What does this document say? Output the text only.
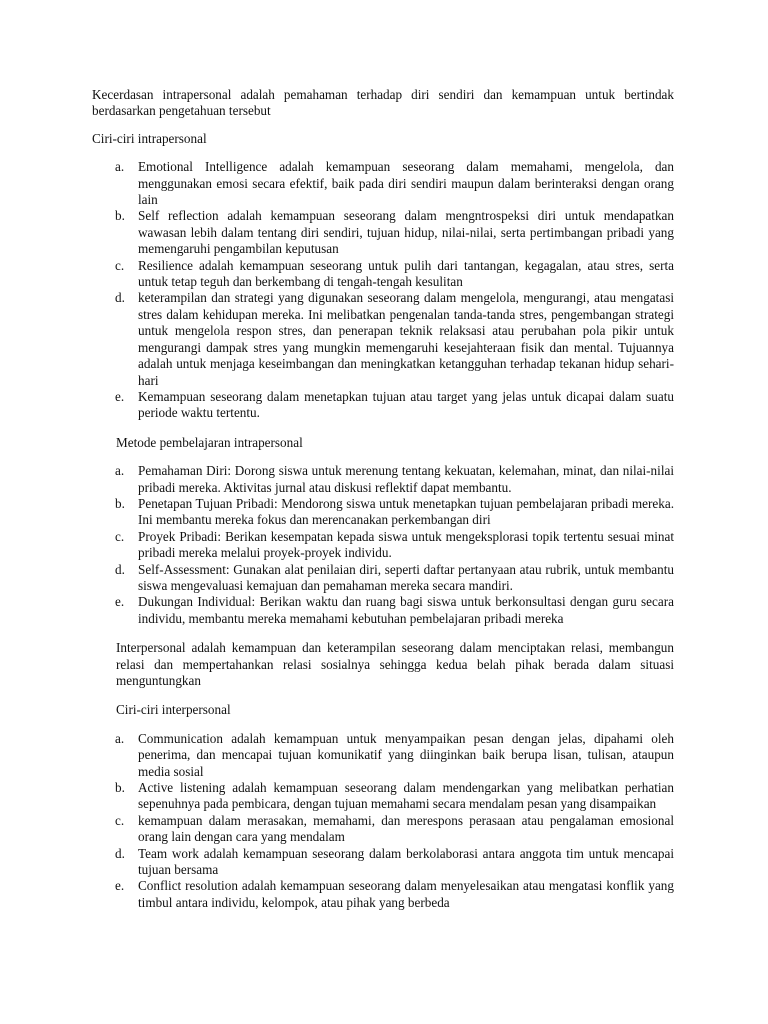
Kecerdasan intrapersonal adalah pemahaman terhadap diri sendiri dan kemampuan untuk bertindak berdasarkan pengetahuan tersebut

Ciri-ciri intrapersonal

a. Emotional Intelligence adalah kemampuan seseorang dalam memahami, mengelola, dan menggunakan emosi secara efektif, baik pada diri sendiri maupun dalam berinteraksi dengan orang lain
b. Self reflection adalah kemampuan seseorang dalam mengntrospeksi diri untuk mendapatkan wawasan lebih dalam tentang diri sendiri, tujuan hidup, nilai-nilai, serta pertimbangan pribadi yang memengaruhi pengambilan keputusan
c. Resilience adalah kemampuan seseorang untuk pulih dari tantangan, kegagalan, atau stres, serta untuk tetap teguh dan berkembang di tengah-tengah kesulitan
d. keterampilan dan strategi yang digunakan seseorang dalam mengelola, mengurangi, atau mengatasi stres dalam kehidupan mereka. Ini melibatkan pengenalan tanda-tanda stres, pengembangan strategi untuk mengelola respon stres, dan penerapan teknik relaksasi atau perubahan pola pikir untuk mengurangi dampak stres yang mungkin memengaruhi kesejahteraan fisik dan mental. Tujuannya adalah untuk menjaga keseimbangan dan meningkatkan ketangguhan terhadap tekanan hidup sehari-hari
e. Kemampuan seseorang dalam menetapkan tujuan atau target yang jelas untuk dicapai dalam suatu periode waktu tertentu.

Metode pembelajaran intrapersonal

a. Pemahaman Diri: Dorong siswa untuk merenung tentang kekuatan, kelemahan, minat, dan nilai-nilai pribadi mereka. Aktivitas jurnal atau diskusi reflektif dapat membantu.
b. Penetapan Tujuan Pribadi: Mendorong siswa untuk menetapkan tujuan pembelajaran pribadi mereka. Ini membantu mereka fokus dan merencanakan perkembangan diri
c. Proyek Pribadi: Berikan kesempatan kepada siswa untuk mengeksplorasi topik tertentu sesuai minat pribadi mereka melalui proyek-proyek individu.
d. Self-Assessment: Gunakan alat penilaian diri, seperti daftar pertanyaan atau rubrik, untuk membantu siswa mengevaluasi kemajuan dan pemahaman mereka secara mandiri.
e. Dukungan Individual: Berikan waktu dan ruang bagi siswa untuk berkonsultasi dengan guru secara individu, membantu mereka memahami kebutuhan pembelajaran pribadi mereka

Interpersonal adalah kemampuan dan keterampilan seseorang dalam menciptakan relasi, membangun relasi dan mempertahankan relasi sosialnya sehingga kedua belah pihak berada dalam situasi menguntungkan

Ciri-ciri interpersonal

a. Communication adalah kemampuan untuk menyampaikan pesan dengan jelas, dipahami oleh penerima, dan mencapai tujuan komunikatif yang diinginkan baik berupa lisan, tulisan, ataupun media sosial
b. Active listening adalah kemampuan seseorang dalam mendengarkan yang melibatkan perhatian sepenuhnya pada pembicara, dengan tujuan memahami secara mendalam pesan yang disampaikan
c. kemampuan dalam merasakan, memahami, dan merespons perasaan atau pengalaman emosional orang lain dengan cara yang mendalam
d. Team work adalah kemampuan seseorang dalam berkolaborasi antara anggota tim untuk mencapai tujuan bersama
e. Conflict resolution adalah kemampuan seseorang dalam menyelesaikan atau mengatasi konflik yang timbul antara individu, kelompok, atau pihak yang berbeda
